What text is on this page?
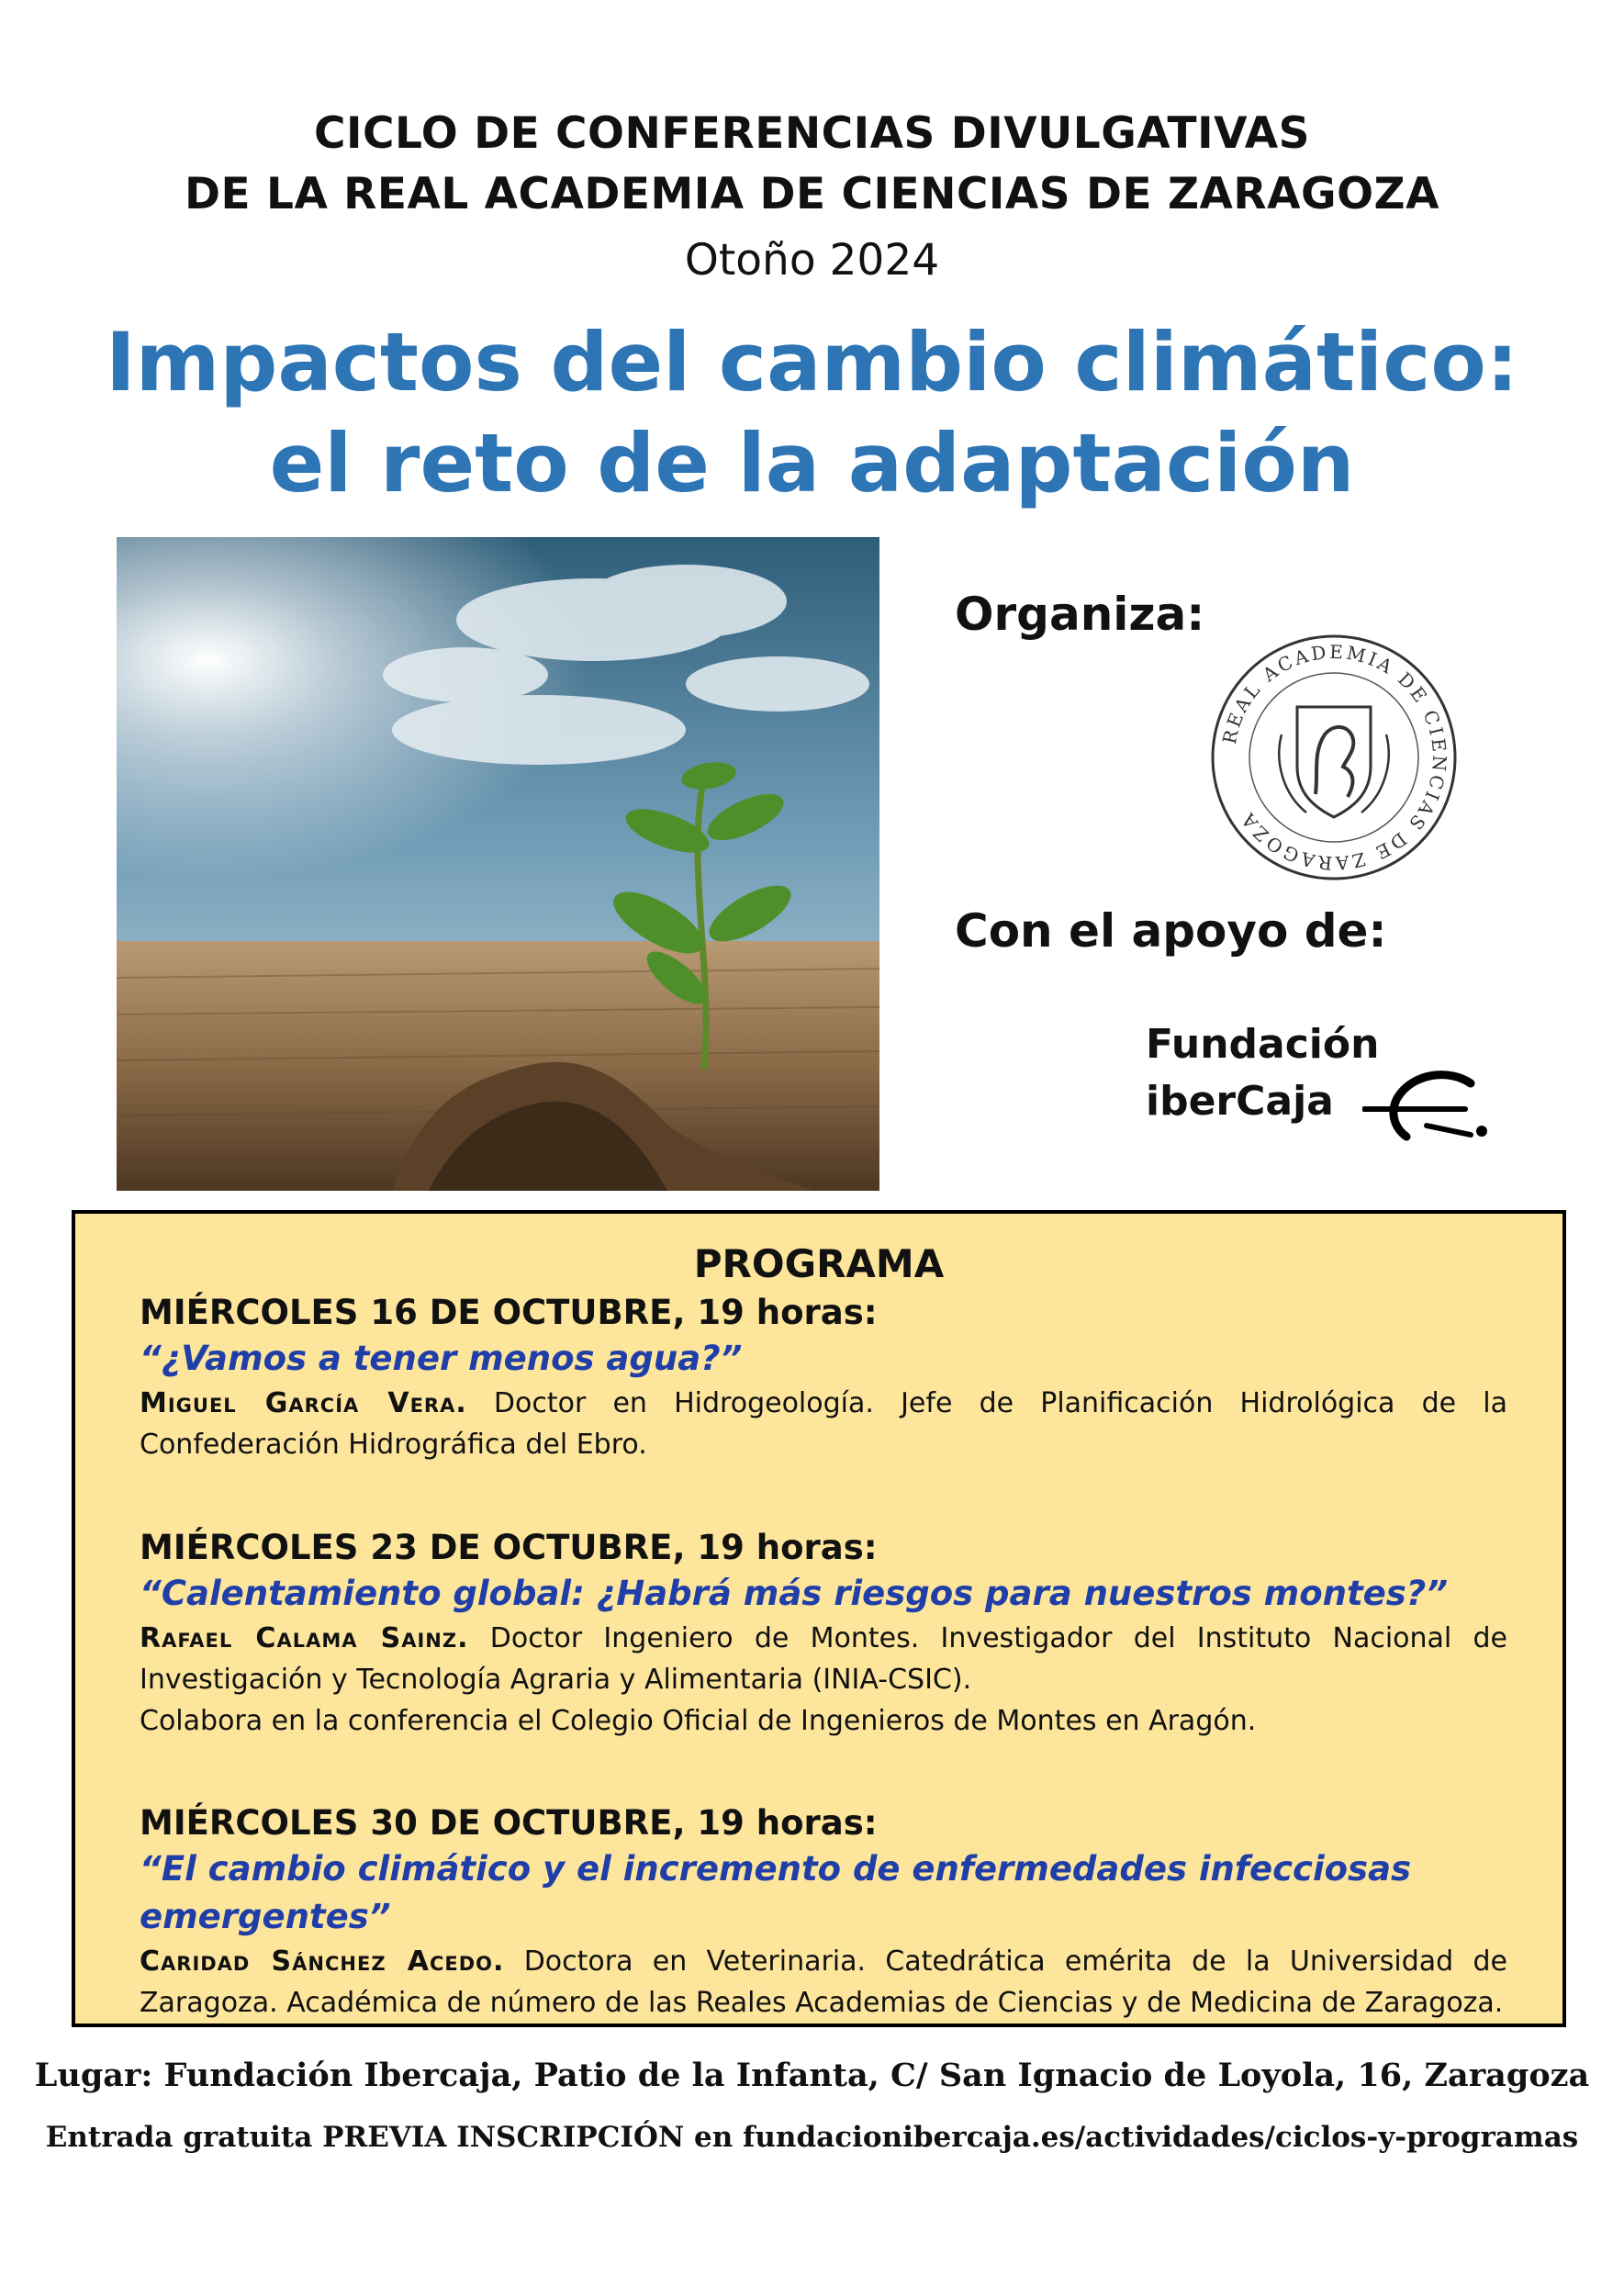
CICLO DE CONFERENCIAS DIVULGATIVAS
DE LA REAL ACADEMIA DE CIENCIAS DE ZARAGOZA
Otoño 2024
Impactos del cambio climático:
el reto de la adaptación
Organiza:
REAL ACADEMIA DE CIENCIAS DE ZARAGOZA
Con el apoyo de:
Fundación
iberCaja
PROGRAMA
MIÉRCOLES 16 DE OCTUBRE, 19 horas:
“¿Vamos a tener menos agua?”
Miguel García Vera. Doctor en Hidrogeología. Jefe de Planificación Hidrológica de la Confederación Hidrográfica del Ebro.
MIÉRCOLES 23 DE OCTUBRE, 19 horas:
“Calentamiento global: ¿Habrá más riesgos para nuestros montes?”
Rafael Calama Sainz. Doctor Ingeniero de Montes. Investigador del Instituto Nacional de Investigación y Tecnología Agraria y Alimentaria (INIA-CSIC).
Colabora en la conferencia el Colegio Oficial de Ingenieros de Montes en Aragón.
MIÉRCOLES 30 DE OCTUBRE, 19 horas:
“El cambio climático y el incremento de enfermedades infecciosas emergentes”
Caridad Sánchez Acedo. Doctora en Veterinaria. Catedrática emérita de la Universidad de Zaragoza. Académica de número de las Reales Academias de Ciencias y de Medicina de Zaragoza.
Lugar: Fundación Ibercaja, Patio de la Infanta, C/ San Ignacio de Loyola, 16, Zaragoza
Entrada gratuita PREVIA INSCRIPCIÓN en fundacionibercaja.es/actividades/ciclos-y-programas
